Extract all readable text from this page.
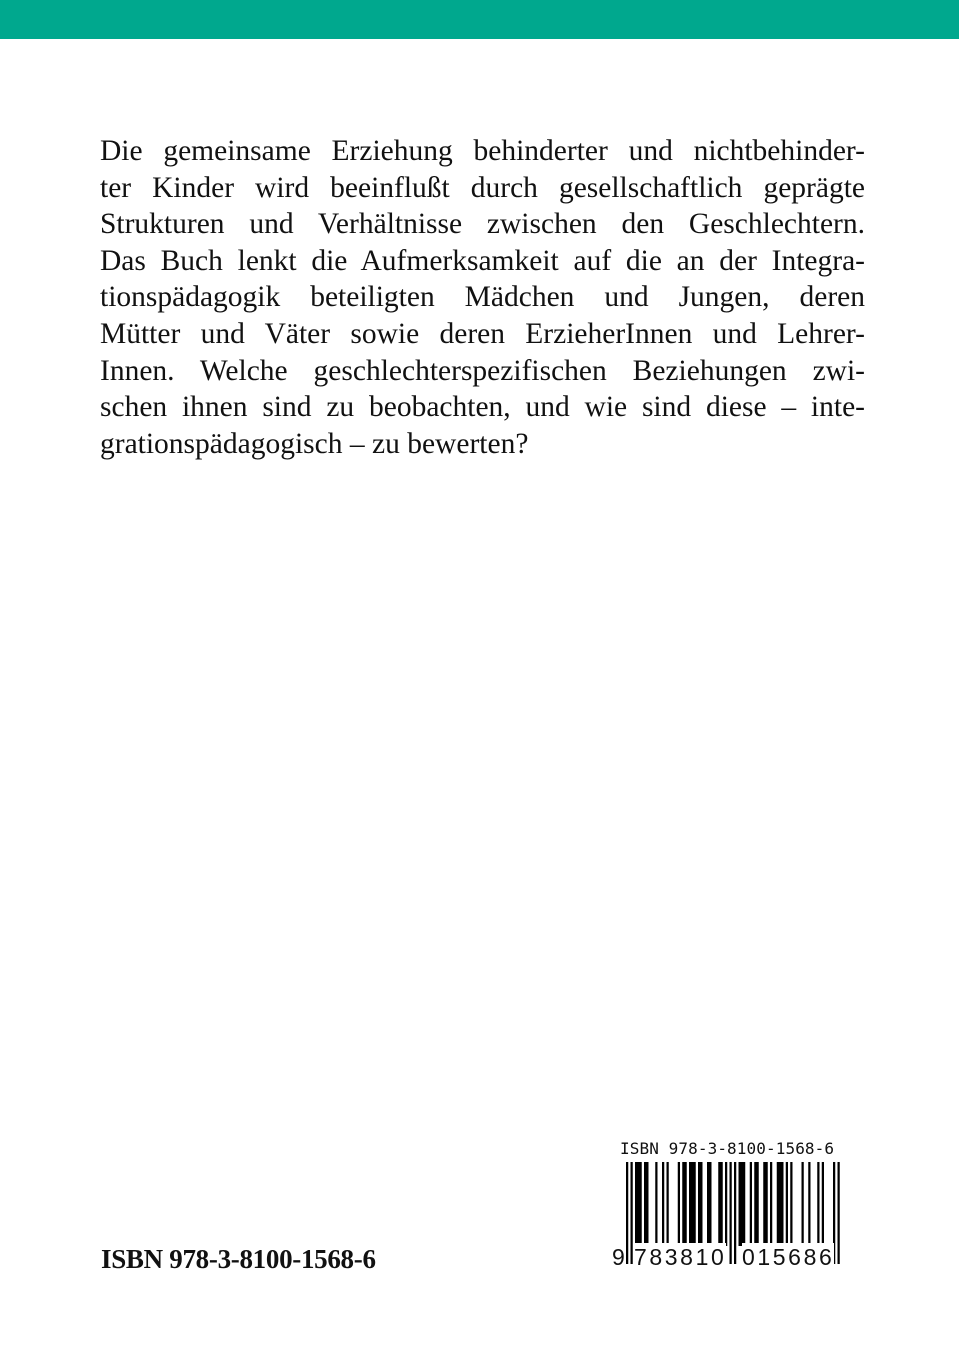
Die gemeinsame Erziehung behinderter und nichtbehinder-
ter Kinder wird beeinflußt durch gesellschaftlich geprägte
Strukturen und Verhältnisse zwischen den Geschlechtern.
Das Buch lenkt die Aufmerksamkeit auf die an der Integra-
tionspädagogik beteiligten Mädchen und Jungen, deren
Mütter und Väter sowie deren ErzieherInnen und Lehrer-
Innen. Welche geschlechterspezifischen Beziehungen zwi-
schen ihnen sind zu beobachten, und wie sind diese – inte-
grationspädagogisch – zu bewerten?
ISBN 978-3-8100-1568-6
ISBN 978-3-8100-1568-6
9 783810 015686
